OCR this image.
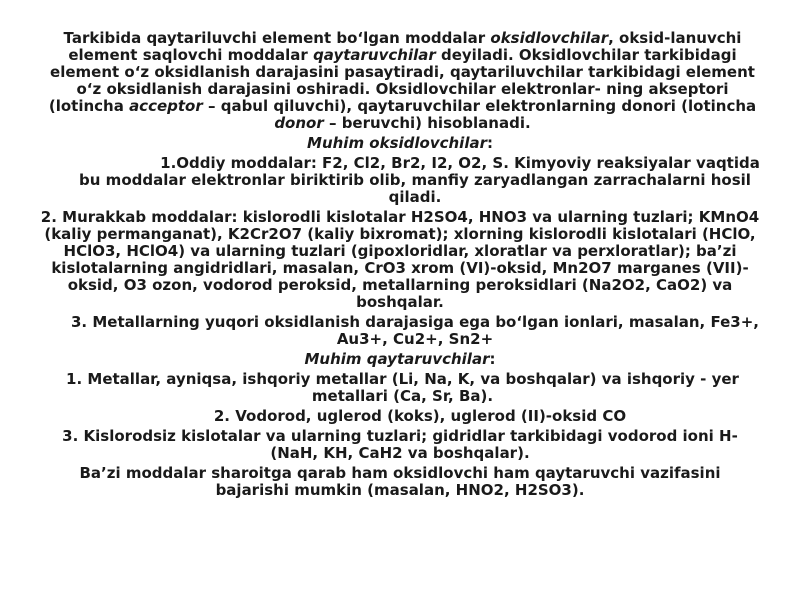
Tarkibida qaytariluvchi element bo‘lgan moddalar oksidlovchilar, oksid-lanuvchi element saqlovchi moddalar qaytaruvchilar deyiladi. Oksidlovchilar tarkibidagi element o‘z oksidlanish darajasini pasaytiradi, qaytariluvchilar tarkibidagi element o‘z oksidlanish darajasini oshiradi. Oksidlovchilar elektronlar- ning akseptori (lotincha acceptor – qabul qiluvchi), qaytaruvchilar elektronlarning donori (lotincha donor – beruvchi) hisoblanadi.

Muhim oksidlovchilar:

1.Oddiy moddalar: F2, Cl2, Br2, I2, O2, S. Kimyoviy reaksiyalar vaqtida bu moddalar elektronlar biriktirib olib, manfiy zaryadlangan zarrachalarni hosil qiladi.

2. Murakkab moddalar: kislorodli kislotalar H2SO4, HNO3 va ularning tuzlari; KMnO4 (kaliy permanganat), K2Cr2O7 (kaliy bixromat); xlorning kislorodli kislotalari (HClO, HClO3, HClO4) va ularning tuzlari (gipoxloridlar, xloratlar va perxloratlar); ba’zi kislotalarning angidridlari, masalan, CrO3 xrom (VI)-oksid, Mn2O7 marganes (VII)-oksid, O3 ozon, vodorod peroksid, metallarning peroksidlari (Na2O2, CaO2) va boshqalar.

3. Metallarning yuqori oksidlanish darajasiga ega bo‘lgan ionlari, masalan, Fe3+, Au3+, Cu2+, Sn2+

Muhim qaytaruvchilar:

1. Metallar, ayniqsa, ishqoriy metallar (Li, Na, K, va boshqalar) va ishqoriy - yer metallari (Ca, Sr, Ba).

2. Vodorod, uglerod (koks), uglerod (II)-oksid CO

3. Kislorodsiz kislotalar va ularning tuzlari; gidridlar tarkibidagi vodorod ioni H- (NaH, KH, CaH2 va boshqalar).

Ba’zi moddalar sharoitga qarab ham oksidlovchi ham qaytaruvchi vazifasini bajarishi mumkin (masalan, HNO2, H2SO3).
